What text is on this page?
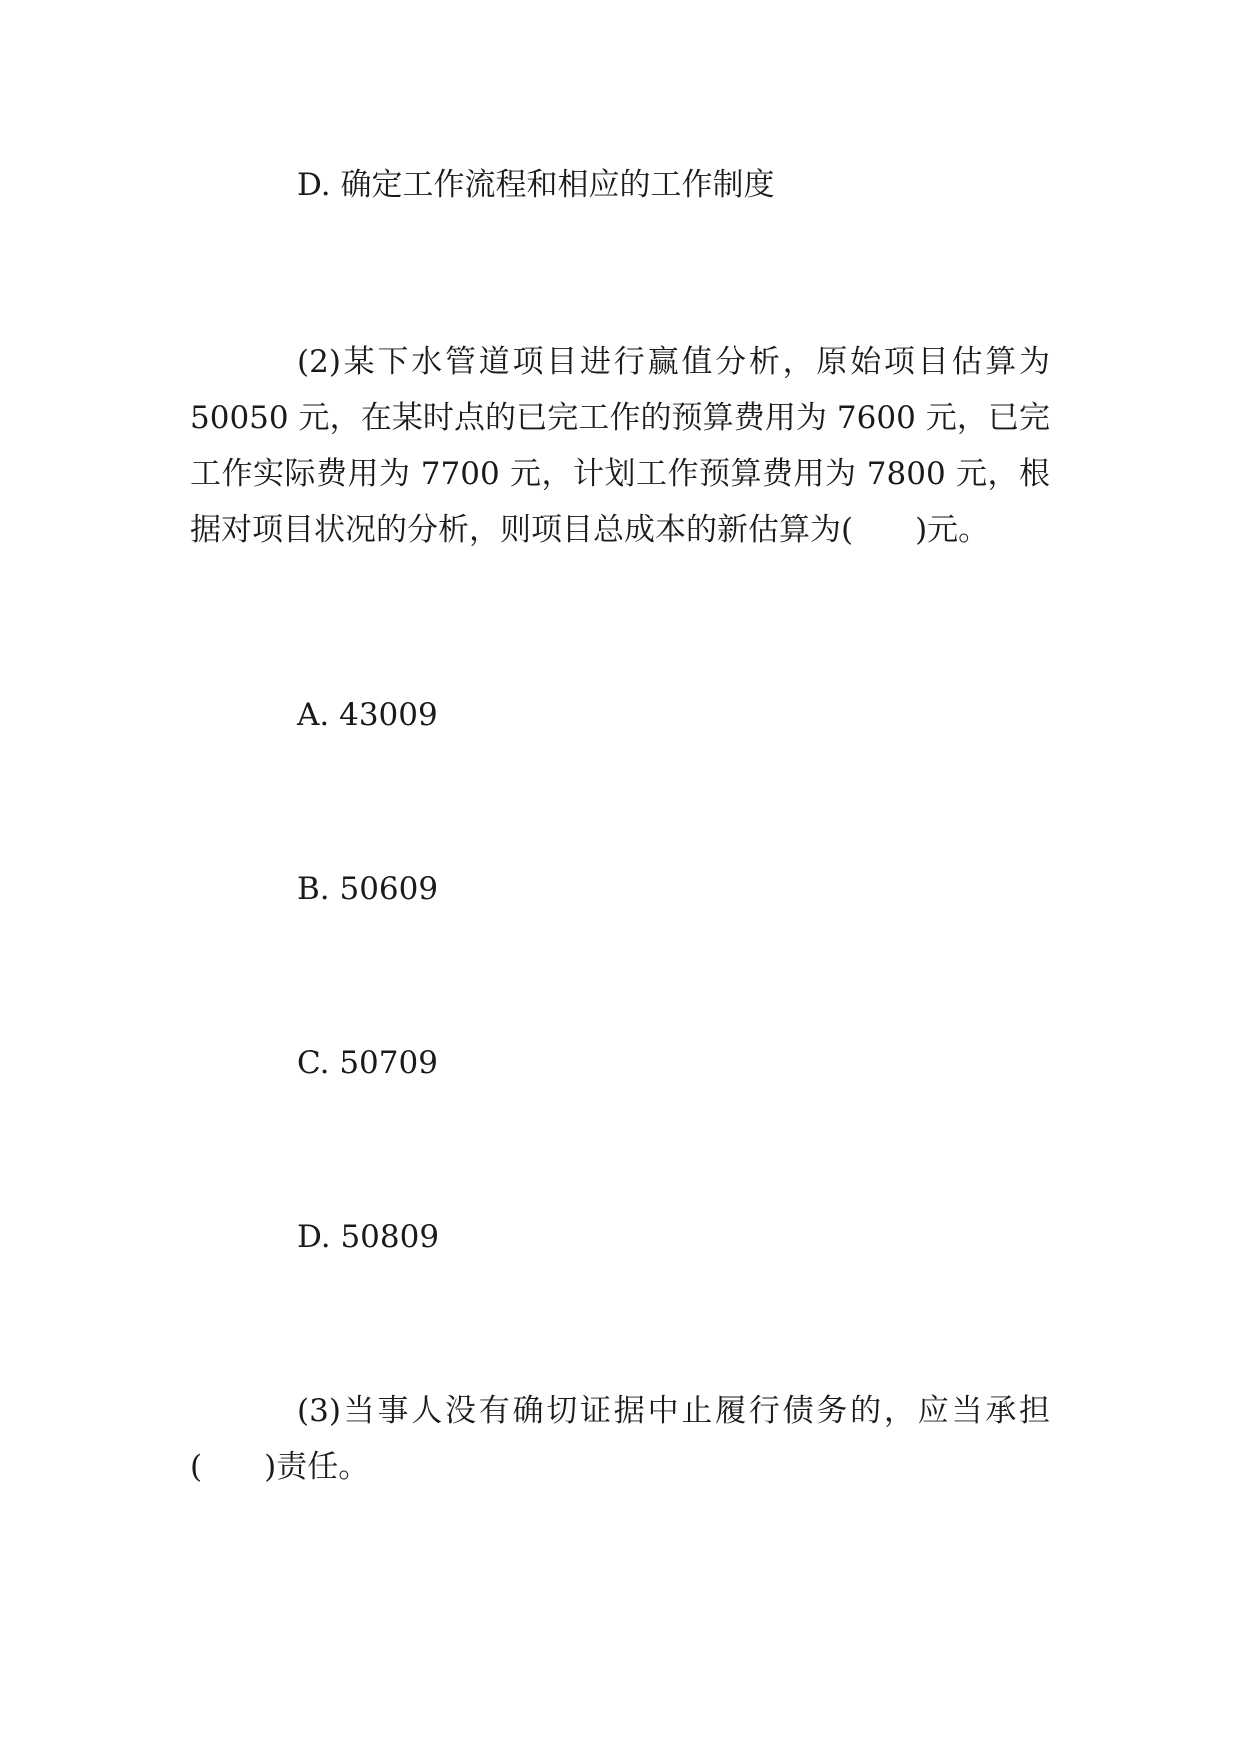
D. 确定工作流程和相应的工作制度
(2)某下水管道项目进行赢值分析，原始项目估算为
50050 元，在某时点的已完工作的预算费用为 7600 元，已完
工作实际费用为 7700 元，计划工作预算费用为 7800 元，根
据对项目状况的分析，则项目总成本的新估算为(　　)元。
A. 43009
B. 50609
C. 50709
D. 50809
(3)当事人没有确切证据中止履行债务的，应当承担
(　　)责任。
